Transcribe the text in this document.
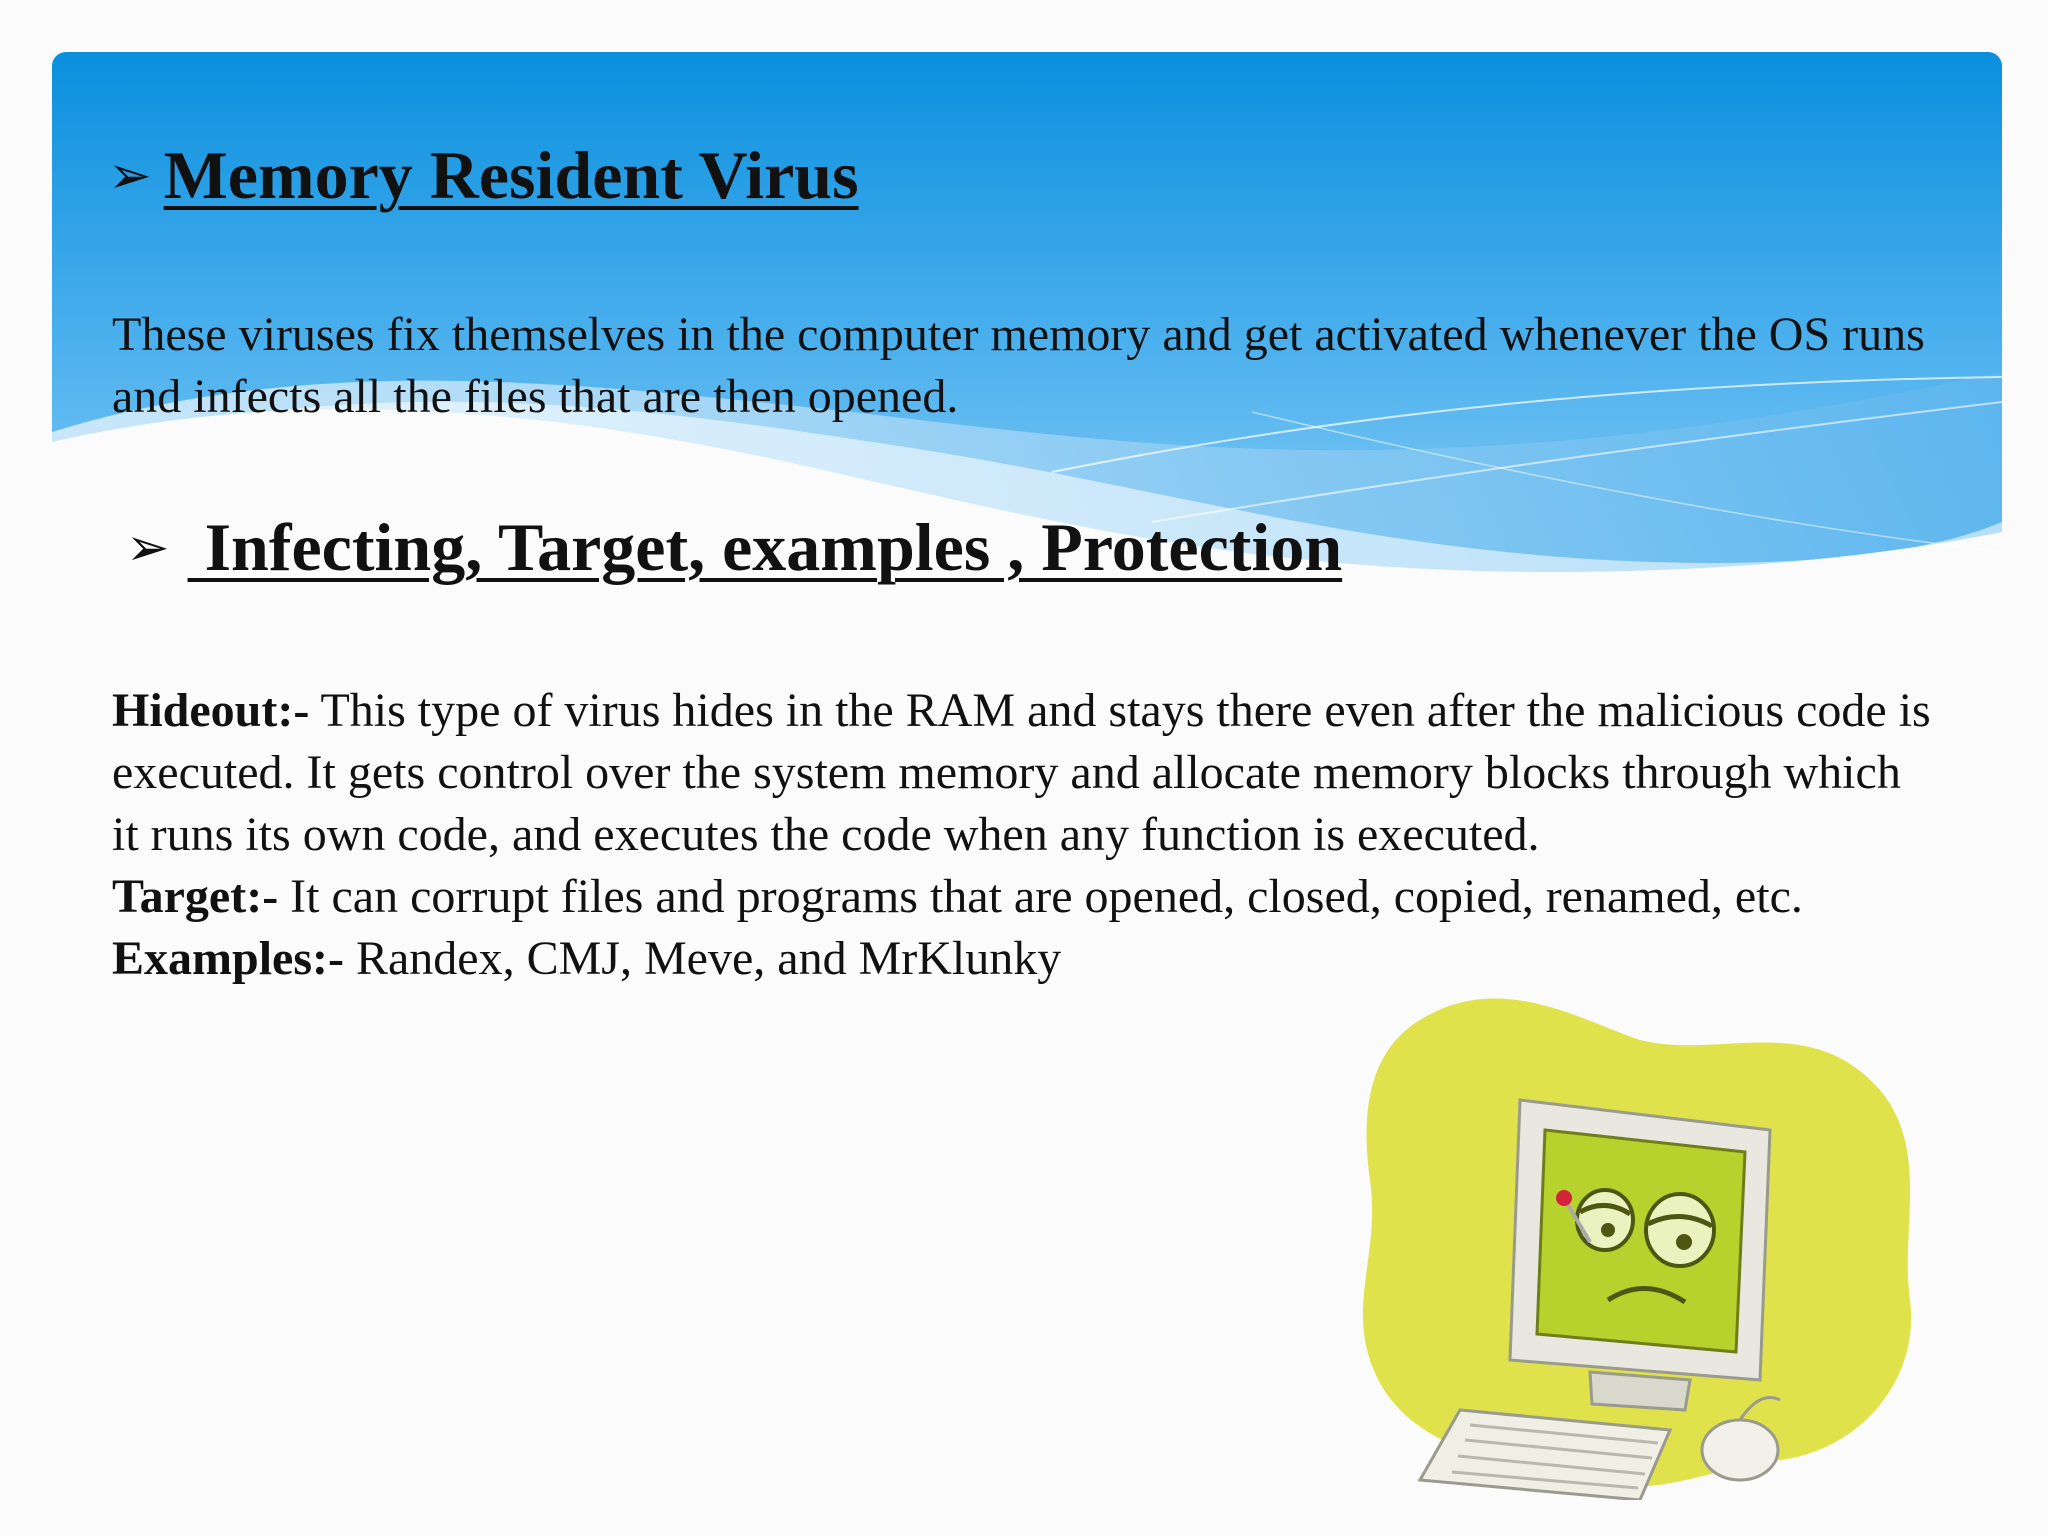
➢ Memory Resident Virus
These viruses fix themselves in the computer memory and get activated whenever the OS runs and infects all the files that are then opened.
➢ Infecting, Target, examples , Protection
Hideout:- This type of virus hides in the RAM and stays there even after the malicious code is executed. It gets control over the system memory and allocate memory blocks through which it runs its own code, and executes the code when any function is executed.
Target:- It can corrupt files and programs that are opened, closed, copied, renamed, etc.
Examples:- Randex, CMJ, Meve, and MrKlunky
